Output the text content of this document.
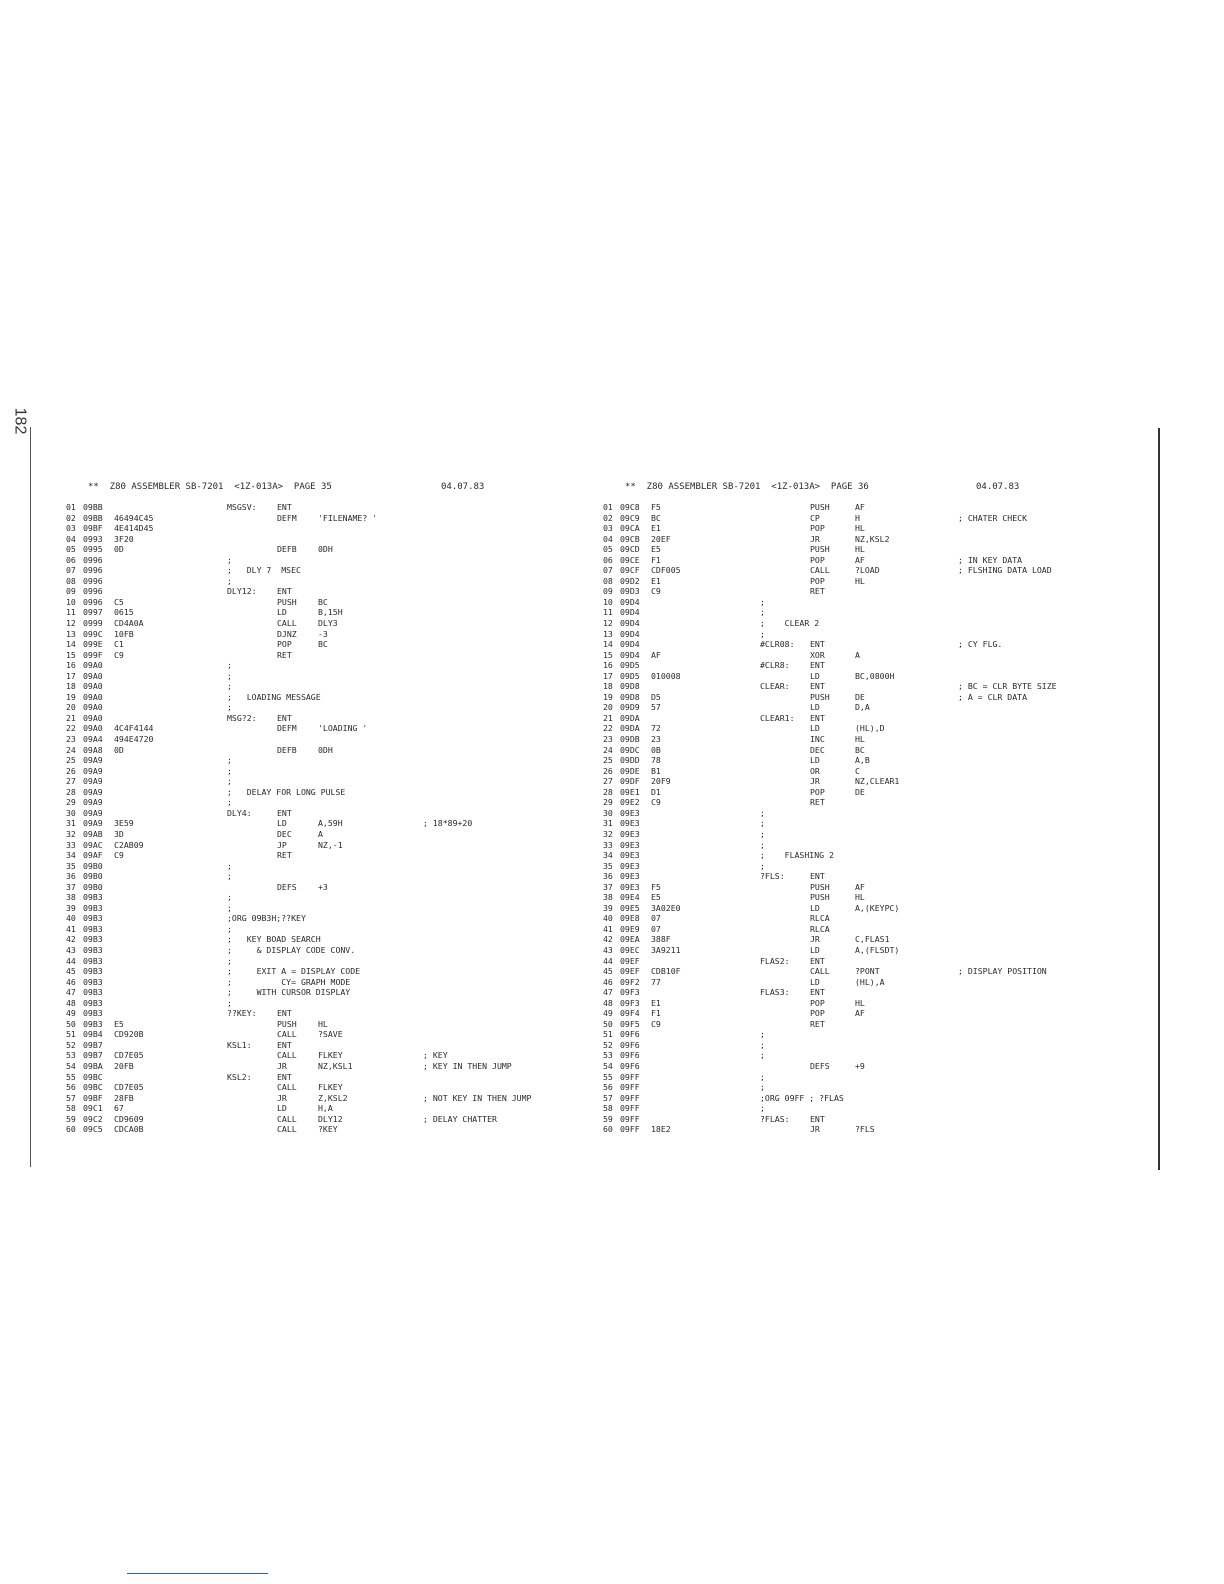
182

**  Z80 ASSEMBLER SB-7201  <1Z-013A>  PAGE 35

	04.07.83

01 09BB	MSGSV: ENT
02 09BB 46494C45	DEFM	'FILENAME? '
03 09BF 4E414D45
04 0993 3F20
05 0995 0D	DEFB	0DH
06 0996	;
07 0996	;   DLY 7  MSEC
08 0996	;
09 0996	DLY12: ENT
10 0996 C5	PUSH	BC
11 0997 0615	LD	B,15H
12 0999 CD4A0A	CALL	DLY3
13 099C 10FB	DJNZ	-3
14 099E C1	POP	BC
15 099F C9	RET
16 09A0	;
17 09A0	;
18 09A0	;
19 09A0	;   LOADING MESSAGE
20 09A0	;
21 09A0	MSG?2: ENT
22 09A0 4C4F4144	DEFM	'LOADING '
23 09A4 494E4720
24 09A8 0D	DEFB	0DH
25 09A9	;
26 09A9	;
27 09A9	;
28 09A9	;   DELAY FOR LONG PULSE
29 09A9	;
30 09A9	DLY4:	ENT
31 09A9 3E59	LD	A,59H	; 18*89+20
32 09AB 3D	DEC	A
33 09AC C2AB09	JP	NZ,-1
34 09AF C9	RET
35 09B0	;
36 09B0	;
37 09B0	DEFS	+3
38 09B3	;
39 09B3	;
40 09B3	;ORG 09B3H;??KEY
41 09B3	;
42 09B3	;   KEY BOAD SEARCH
43 09B3	;     & DISPLAY CODE CONV.
44 09B3	;
45 09B3	;     EXIT A = DISPLAY CODE
46 09B3	;          CY= GRAPH MODE
47 09B3	;     WITH CURSOR DISPLAY
48 09B3	;
49 09B3	??KEY: ENT
50 09B3 E5	PUSH	HL
51 09B4 CD920B	CALL	?SAVE
52 09B7	KSL1:	ENT
53 09B7 CD7E05	CALL	FLKEY	; KEY
54 09BA 20FB	JR	NZ,KSL1	; KEY IN THEN JUMP
55 09BC	KSL2:	ENT
56 09BC CD7E05	CALL	FLKEY
57 09BF 28FB	JR	Z,KSL2	; NOT KEY IN THEN JUMP
58 09C1 67	LD	H,A
59 09C2 CD9609	CALL	DLY12	; DELAY CHATTER
60 09C5 CDCA0B	CALL	?KEY

**  Z80 ASSEMBLER SB-7201  <1Z-013A>  PAGE 36

	04.07.83

01 09C8 F5	PUSH	AF
02 09C9 BC	CP	H	; CHATER CHECK
03 09CA E1	POP	HL
04 09CB 20EF	JR	NZ,KSL2
05 09CD E5	PUSH	HL
06 09CE F1	POP	AF	; IN KEY DATA
07 09CF CDF005	CALL	?LOAD	; FLSHING DATA LOAD
08 09D2 E1	POP	HL
09 09D3 C9	RET
10 09D4	;
11 09D4	;
12 09D4	;    CLEAR 2
13 09D4	;
14 09D4	#CLR08: ENT	; CY FLG.
15 09D4 AF	XOR	A
16 09D5	#CLR8: ENT
17 09D5 010008	LD	BC,0800H
18 09D8	CLEAR: ENT	; BC = CLR BYTE SIZE
19 09D8 D5	PUSH	DE	; A = CLR DATA
20 09D9 57	LD	D,A
21 09DA	CLEAR1: ENT
22 09DA 72	LD	(HL),D
23 09DB 23	INC	HL
24 09DC 0B	DEC	BC
25 09DD 78	LD	A,B
26 09DE B1	OR	C
27 09DF 20F9	JR	NZ,CLEAR1
28 09E1 D1	POP	DE
29 09E2 C9	RET
30 09E3	;
31 09E3	;
32 09E3	;
33 09E3	;
34 09E3	;    FLASHING 2
35 09E3	;
36 09E3	?FLS:	ENT
37 09E3 F5	PUSH	AF
38 09E4 E5	PUSH	HL
39 09E5 3A02E0	LD	A,(KEYPC)
40 09E8 07	RLCA
41 09E9 07	RLCA
42 09EA 388F	JR	C,FLAS1
43 09EC 3A9211	LD	A,(FLSDT)
44 09EF	FLAS2: ENT
45 09EF CDB10F	CALL	?PONT	; DISPLAY POSITION
46 09F2 77	LD	(HL),A
47 09F3	FLAS3: ENT
48 09F3 E1	POP	HL
49 09F4 F1	POP	AF
50 09F5 C9	RET
51 09F6	;
52 09F6	;
53 09F6	;
54 09F6	DEFS	+9
55 09FF	;
56 09FF	;
57 09FF	;ORG 09FF ; ?FLAS
58 09FF	;
59 09FF	?FLAS: ENT
60 09FF 18E2	JR	?FLS
